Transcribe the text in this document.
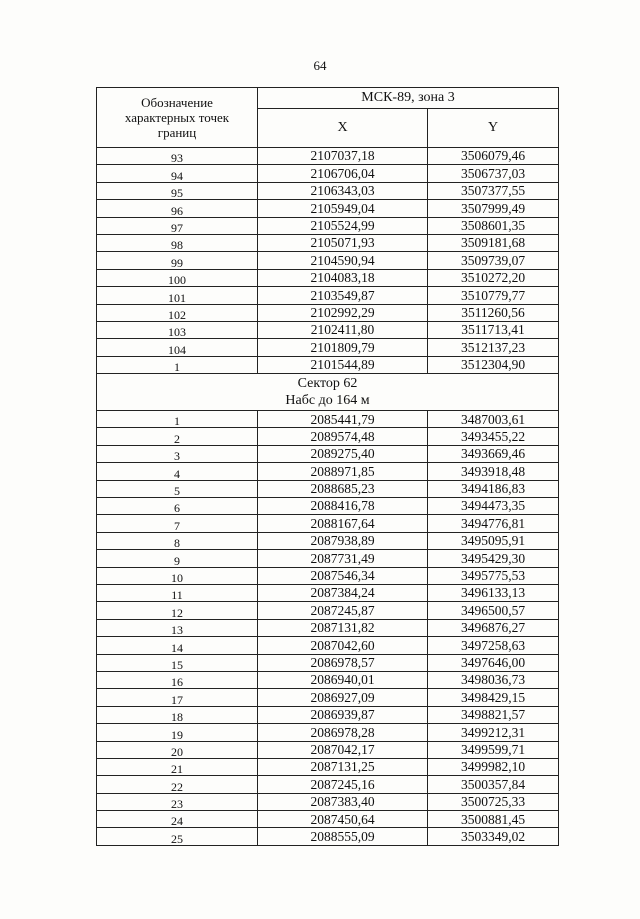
64
Обозначение
характерных точек
границ	МСК-89, зона 3	
	X	Y
93	2107037,18	3506079,46
94	2106706,04	3506737,03
95	2106343,03	3507377,55
96	2105949,04	3507999,49
97	2105524,99	3508601,35
98	2105071,93	3509181,68
99	2104590,94	3509739,07
100	2104083,18	3510272,20
101	2103549,87	3510779,77
102	2102992,29	3511260,56
103	2102411,80	3511713,41
104	2101809,79	3512137,23
1	2101544,89	3512304,90

Сектор 62
Набс до 164 м		

1	2085441,79	3487003,61
2	2089574,48	3493455,22
3	2089275,40	3493669,46
4	2088971,85	3493918,48
5	2088685,23	3494186,83
6	2088416,78	3494473,35
7	2088167,64	3494776,81
8	2087938,89	3495095,91
9	2087731,49	3495429,30
10	2087546,34	3495775,53
11	2087384,24	3496133,13
12	2087245,87	3496500,57
13	2087131,82	3496876,27
14	2087042,60	3497258,63
15	2086978,57	3497646,00
16	2086940,01	3498036,73
17	2086927,09	3498429,15
18	2086939,87	3498821,57
19	2086978,28	3499212,31
20	2087042,17	3499599,71
21	2087131,25	3499982,10
22	2087245,16	3500357,84
23	2087383,40	3500725,33
24	2087450,64	3500881,45
25	2088555,09	3503349,02
